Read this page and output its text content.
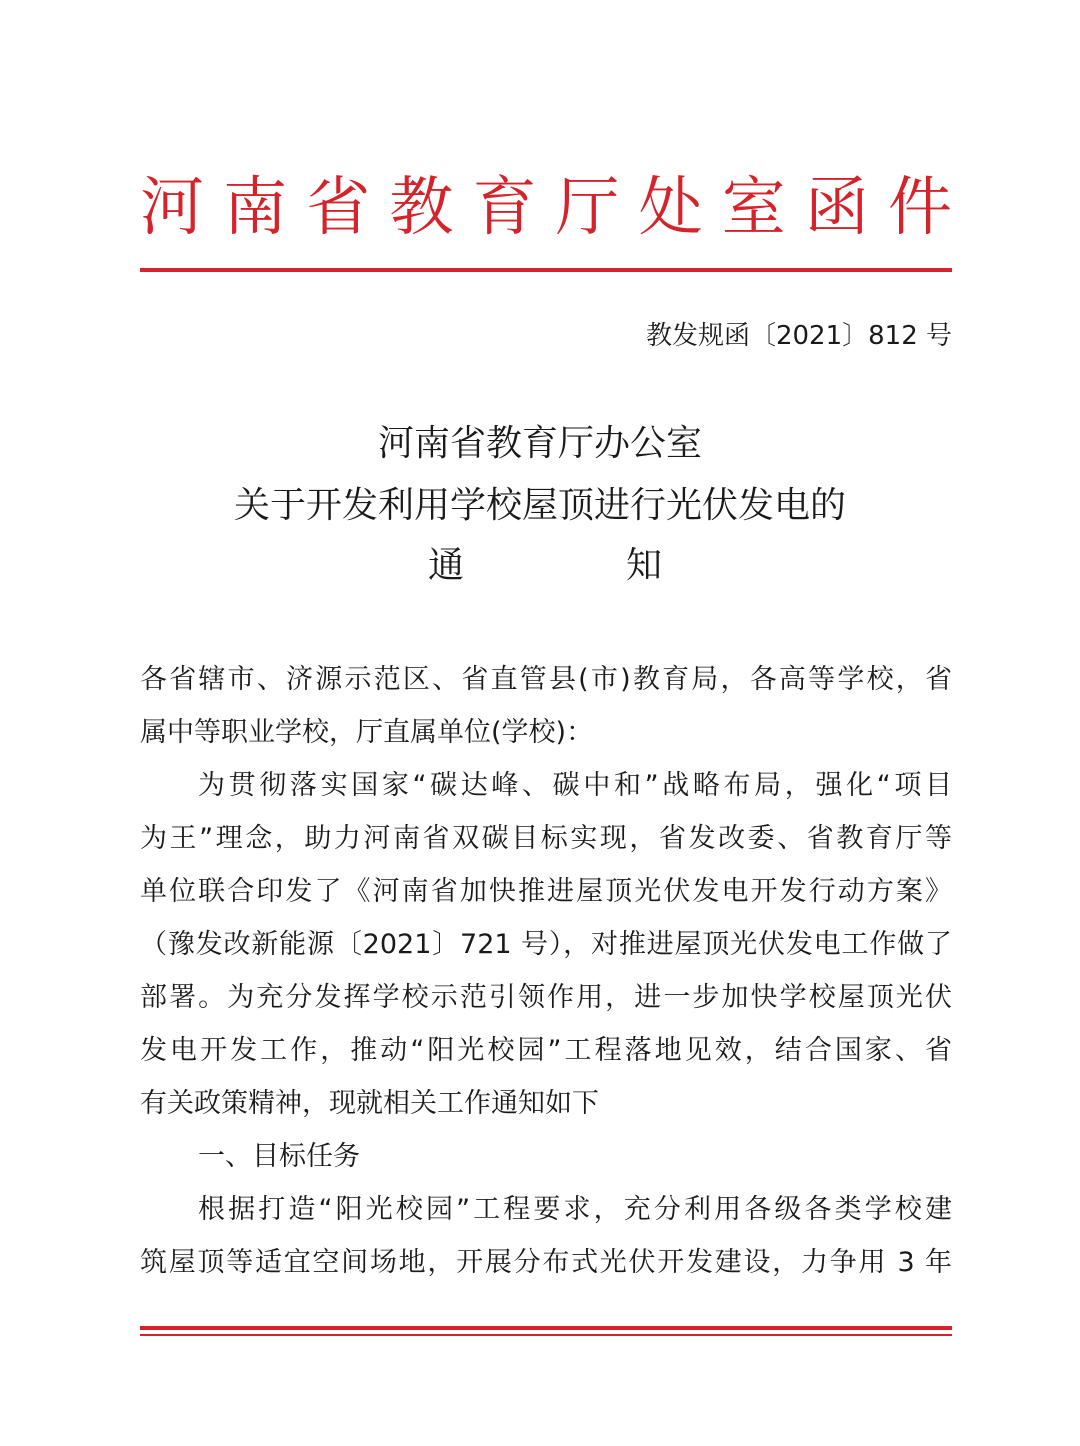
河 南 省 教 育 厅 处 室 函 件
教发规函〔2021〕812 号
河南省教育厅办公室
关于开发利用学校屋顶进行光伏发电的
通	知
各省辖市、济源示范区、省直管县(市)教育局，各高等学校，省
属中等职业学校，厅直属单位(学校)：
为贯彻落实国家“碳达峰、碳中和”战略布局，强化“项目
为王”理念，助力河南省双碳目标实现，省发改委、省教育厅等
单位联合印发了《河南省加快推进屋顶光伏发电开发行动方案》
（豫发改新能源〔2021〕721 号），对推进屋顶光伏发电工作做了
部署。为充分发挥学校示范引领作用，进一步加快学校屋顶光伏
发电开发工作，推动“阳光校园”工程落地见效，结合国家、省
有关政策精神，现就相关工作通知如下
一、目标任务
根据打造“阳光校园”工程要求，充分利用各级各类学校建
筑屋顶等适宜空间场地，开展分布式光伏开发建设，力争用 3 年
